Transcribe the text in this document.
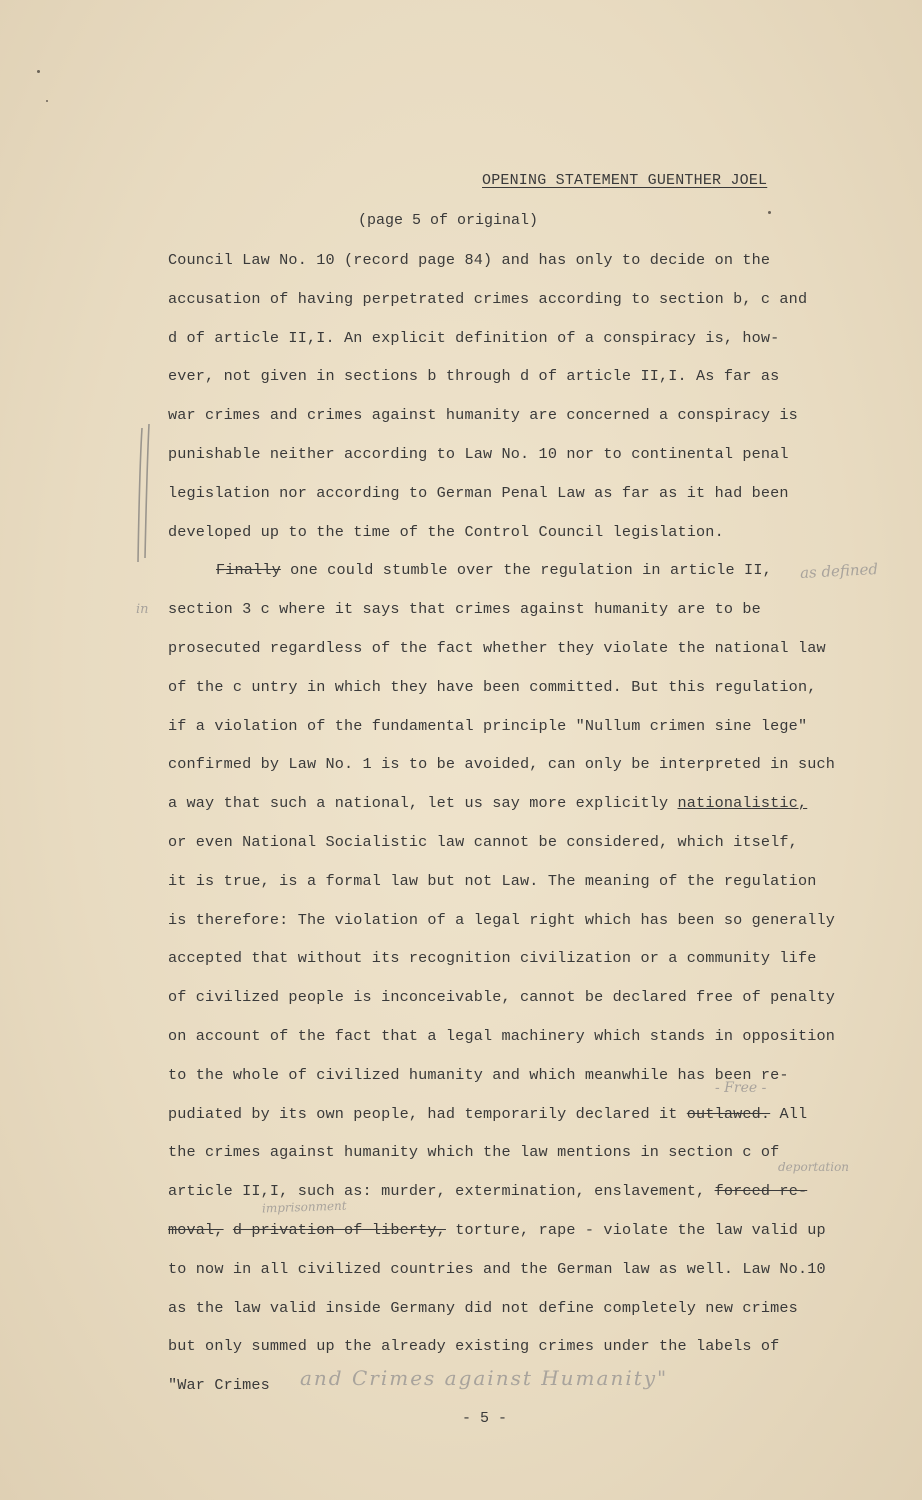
OPENING STATEMENT GUENTHER JOEL
(page 5 of original)
Council Law No. 10 (record page 84) and has only to decide on the
accusation of having perpetrated crimes according to section b, c and
d of article II,I. An explicit definition of a conspiracy is, how-
ever, not given in sections b through d of article II,I. As far as
war crimes and crimes against humanity are concerned a conspiracy is
punishable neither according to Law No. 10 nor to continental penal
legislation nor according to German Penal Law as far as it had been
developed up to the time of the Control Council legislation.
Finally one could stumble over the regulation in article II,
section 3 c where it says that crimes against humanity are to be
prosecuted regardless of the fact whether they violate the national law
of the c untry in which they have been committed. But this regulation,
if a violation of the fundamental principle "Nullum crimen sine lege"
confirmed by Law No. 1 is to be avoided, can only be interpreted in such
a way that such a national, let us say more explicitly nationalistic,
or even National Socialistic law cannot be considered, which itself,
it is true, is a formal law but not Law. The meaning of the regulation
is therefore: The violation of a legal right which has been so generally
accepted that without its recognition civilization or a community life
of civilized people is inconceivable, cannot be declared free of penalty
on account of the fact that a legal machinery which stands in opposition
to the whole of civilized humanity and which meanwhile has been re-
pudiated by its own people, had temporarily declared it outlawed. All
the crimes against humanity which the law mentions in section c of
article II,I, such as: murder, extermination, enslavement, forced re-
moval, d privation of liberty, torture, rape - violate the law valid up
to now in all civilized countries and the German law as well. Law No.10
as the law valid inside Germany did not define completely new crimes
but only summed up the already existing crimes under the labels of
"War Crimes
as defined
in
- Free -
deportation
imprisonment
and Crimes against Humanity"
- 5 -
